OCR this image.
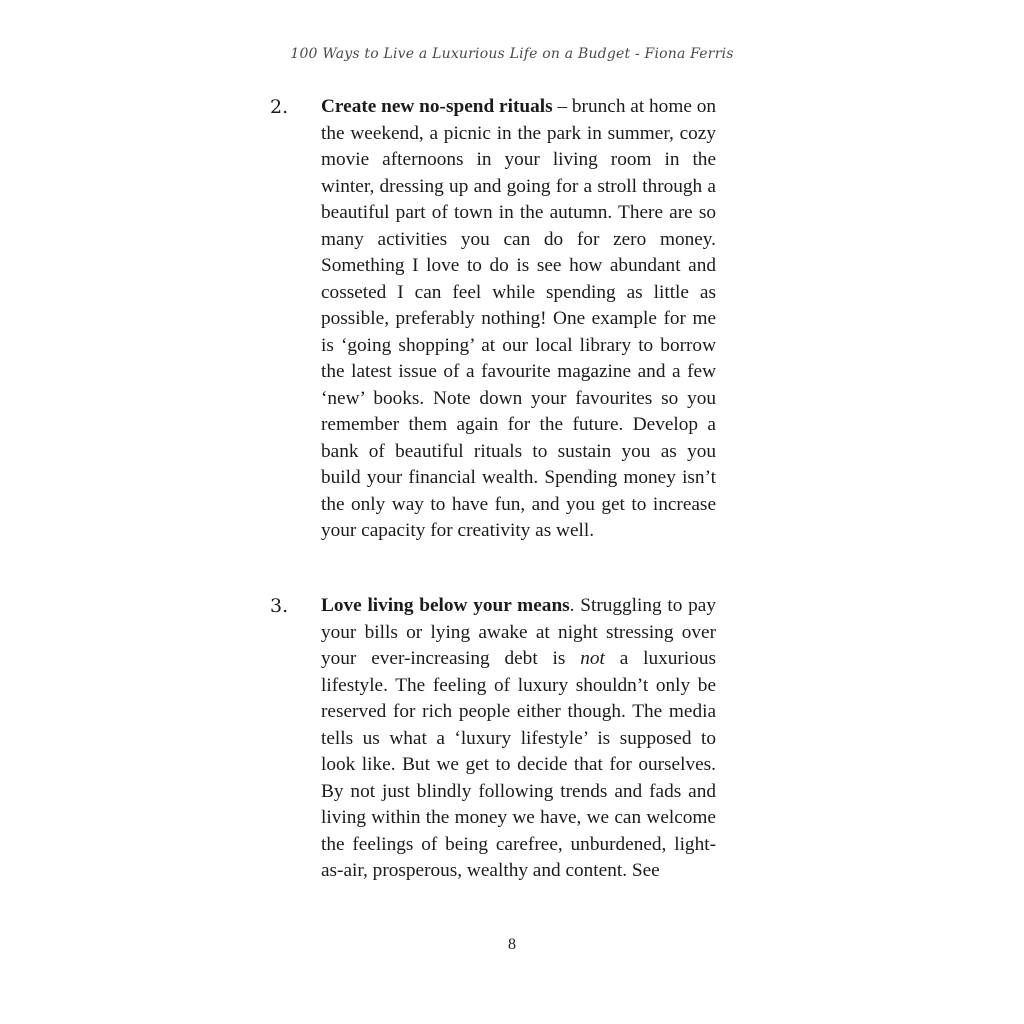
100 Ways to Live a Luxurious Life on a Budget - Fiona Ferris
2. Create new no-spend rituals – brunch at home on the weekend, a picnic in the park in summer, cozy movie afternoons in your living room in the winter, dressing up and going for a stroll through a beautiful part of town in the autumn. There are so many activities you can do for zero money. Something I love to do is see how abundant and cosseted I can feel while spending as little as possible, preferably nothing! One example for me is ‘going shopping’ at our local library to borrow the latest issue of a favourite magazine and a few ‘new’ books. Note down your favourites so you remember them again for the future. Develop a bank of beautiful rituals to sustain you as you build your financial wealth. Spending money isn’t the only way to have fun, and you get to increase your capacity for creativity as well.
3. Love living below your means. Struggling to pay your bills or lying awake at night stressing over your ever-increasing debt is not a luxurious lifestyle. The feeling of luxury shouldn’t only be reserved for rich people either though. The media tells us what a ‘luxury lifestyle’ is supposed to look like. But we get to decide that for ourselves. By not just blindly following trends and fads and living within the money we have, we can welcome the feelings of being carefree, unburdened, light-as-air, prosperous, wealthy and content. See
8
